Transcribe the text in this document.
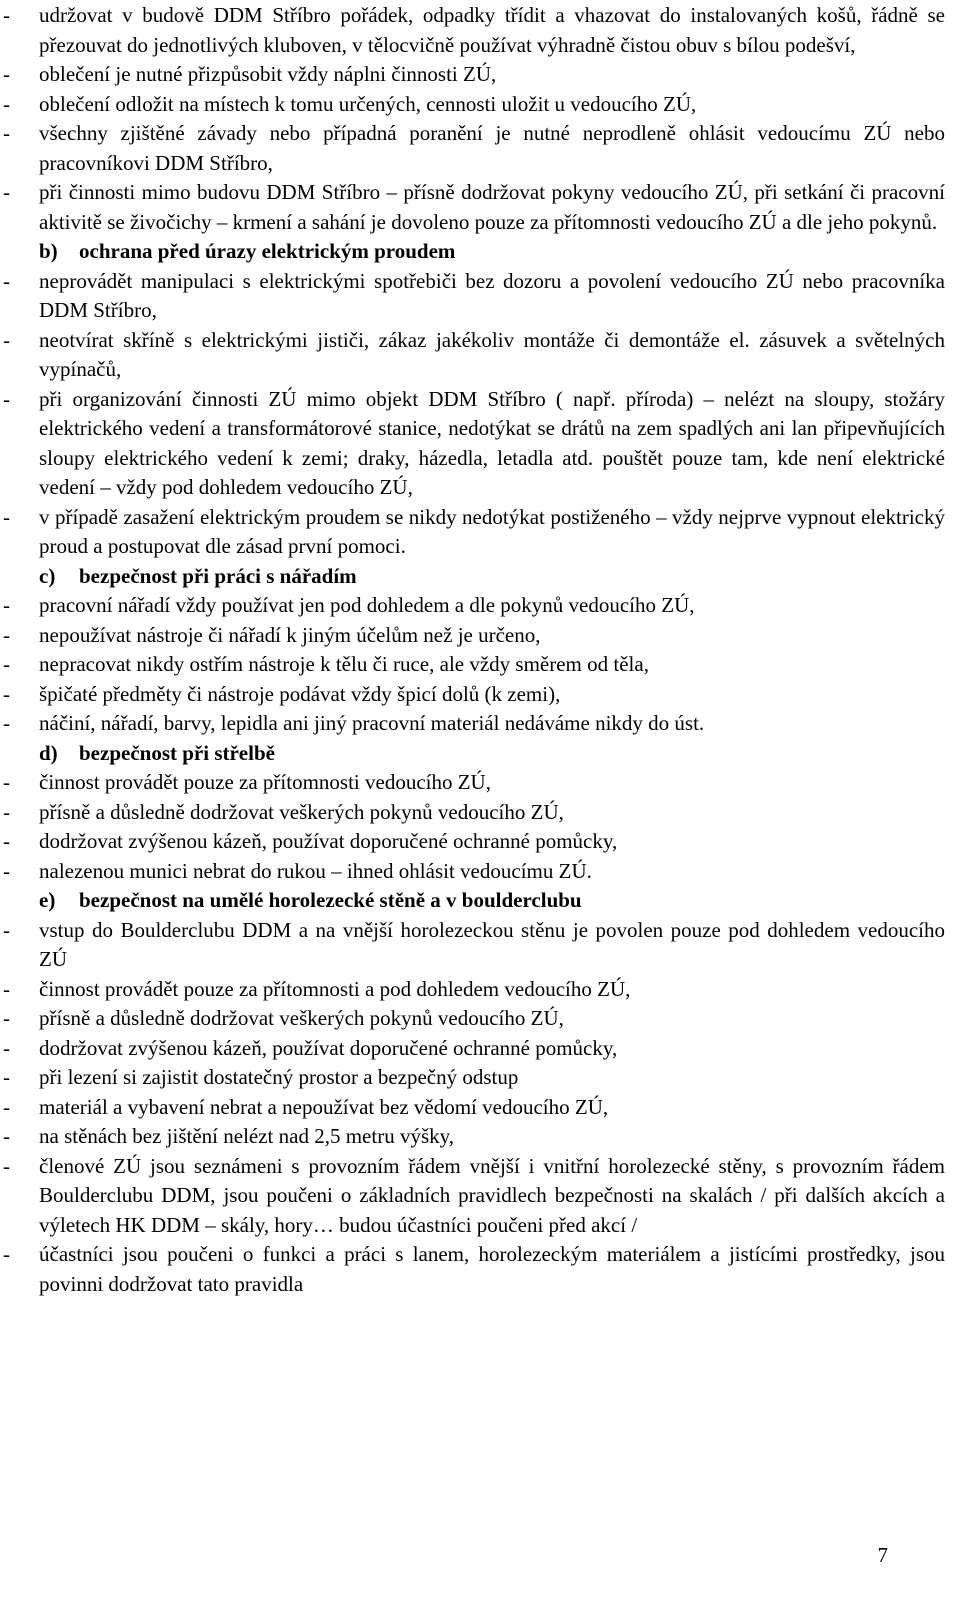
- udržovat v budově DDM Stříbro pořádek, odpadky třídit a vhazovat do instalovaných košů, řádně se přezouvat do jednotlivých kluboven, v tělocvičně používat výhradně čistou obuv s bílou podešví,
- oblečení je nutné přizpůsobit vždy náplni činnosti ZÚ,
- oblečení odložit na místech k tomu určených, cennosti uložit u vedoucího ZÚ,
- všechny zjištěné závady nebo případná poranění je nutné neprodleně ohlásit vedoucímu ZÚ nebo pracovníkovi DDM Stříbro,
- při činnosti mimo budovu DDM Stříbro – přísně dodržovat pokyny vedoucího ZÚ, při setkání či pracovní aktivitě se živočichy – krmení a sahání je dovoleno pouze za přítomnosti vedoucího ZÚ a dle jeho pokynů.
b) ochrana před úrazy elektrickým proudem
- neprovádět manipulaci s elektrickými spotřebiči bez dozoru a povolení vedoucího ZÚ nebo pracovníka DDM Stříbro,
- neotvírat skříně s elektrickými jističi, zákaz jakékoliv montáže či demontáže el. zásuvek a světelných vypínačů,
- při organizování činnosti ZÚ mimo objekt DDM Stříbro ( např. příroda) – nelézt na sloupy, stožáry elektrického vedení a transformátorové stanice, nedotýkat se drátů na zem spadlých ani lan připevňujících sloupy elektrického vedení k zemi; draky, házedla, letadla atd. pouštět pouze tam, kde není elektrické vedení – vždy pod dohledem vedoucího ZÚ,
- v případě zasažení elektrickým proudem se nikdy nedotýkat postiženého – vždy nejprve vypnout elektrický proud a postupovat dle zásad první pomoci.
c) bezpečnost při práci s nářadím
- pracovní nářadí vždy používat jen pod dohledem a dle pokynů vedoucího ZÚ,
- nepoužívat nástroje či nářadí k jiným účelům než je určeno,
- nepracovat nikdy ostřím nástroje k tělu či ruce, ale vždy směrem od těla,
- špičaté předměty či nástroje podávat vždy špicí dolů (k zemi),
- náčiní, nářadí, barvy, lepidla ani jiný pracovní materiál nedáváme nikdy do úst.
d) bezpečnost při střelbě
- činnost provádět pouze za přítomnosti vedoucího ZÚ,
- přísně a důsledně dodržovat veškerých pokynů vedoucího ZÚ,
- dodržovat zvýšenou kázeň, používat doporučené ochranné pomůcky,
- nalezenou munici nebrat do rukou – ihned ohlásit vedoucímu ZÚ.
e) bezpečnost na umělé horolezecké stěně a v boulderclubu
- vstup do Boulderclubu DDM a na vnější horolezeckou stěnu je povolen pouze pod dohledem vedoucího ZÚ
- činnost provádět pouze za přítomnosti a pod dohledem vedoucího ZÚ,
- přísně a důsledně dodržovat veškerých pokynů vedoucího ZÚ,
- dodržovat zvýšenou kázeň, používat doporučené ochranné pomůcky,
- při lezení si zajistit dostatečný prostor a bezpečný odstup
- materiál a vybavení nebrat a nepoužívat bez vědomí vedoucího ZÚ,
- na stěnách bez jištění nelézt nad 2,5 metru výšky,
- členové ZÚ jsou seznámeni s provozním řádem vnější i vnitřní horolezecké stěny, s provozním řádem Boulderclubu DDM, jsou poučeni o základních pravidlech bezpečnosti na skalách / při dalších akcích a výletech HK DDM – skály, hory… budou účastníci poučeni před akcí /
- účastníci jsou poučeni o funkci a práci s lanem, horolezeckým materiálem a jistícími prostředky, jsou povinni dodržovat tato pravidla
7
